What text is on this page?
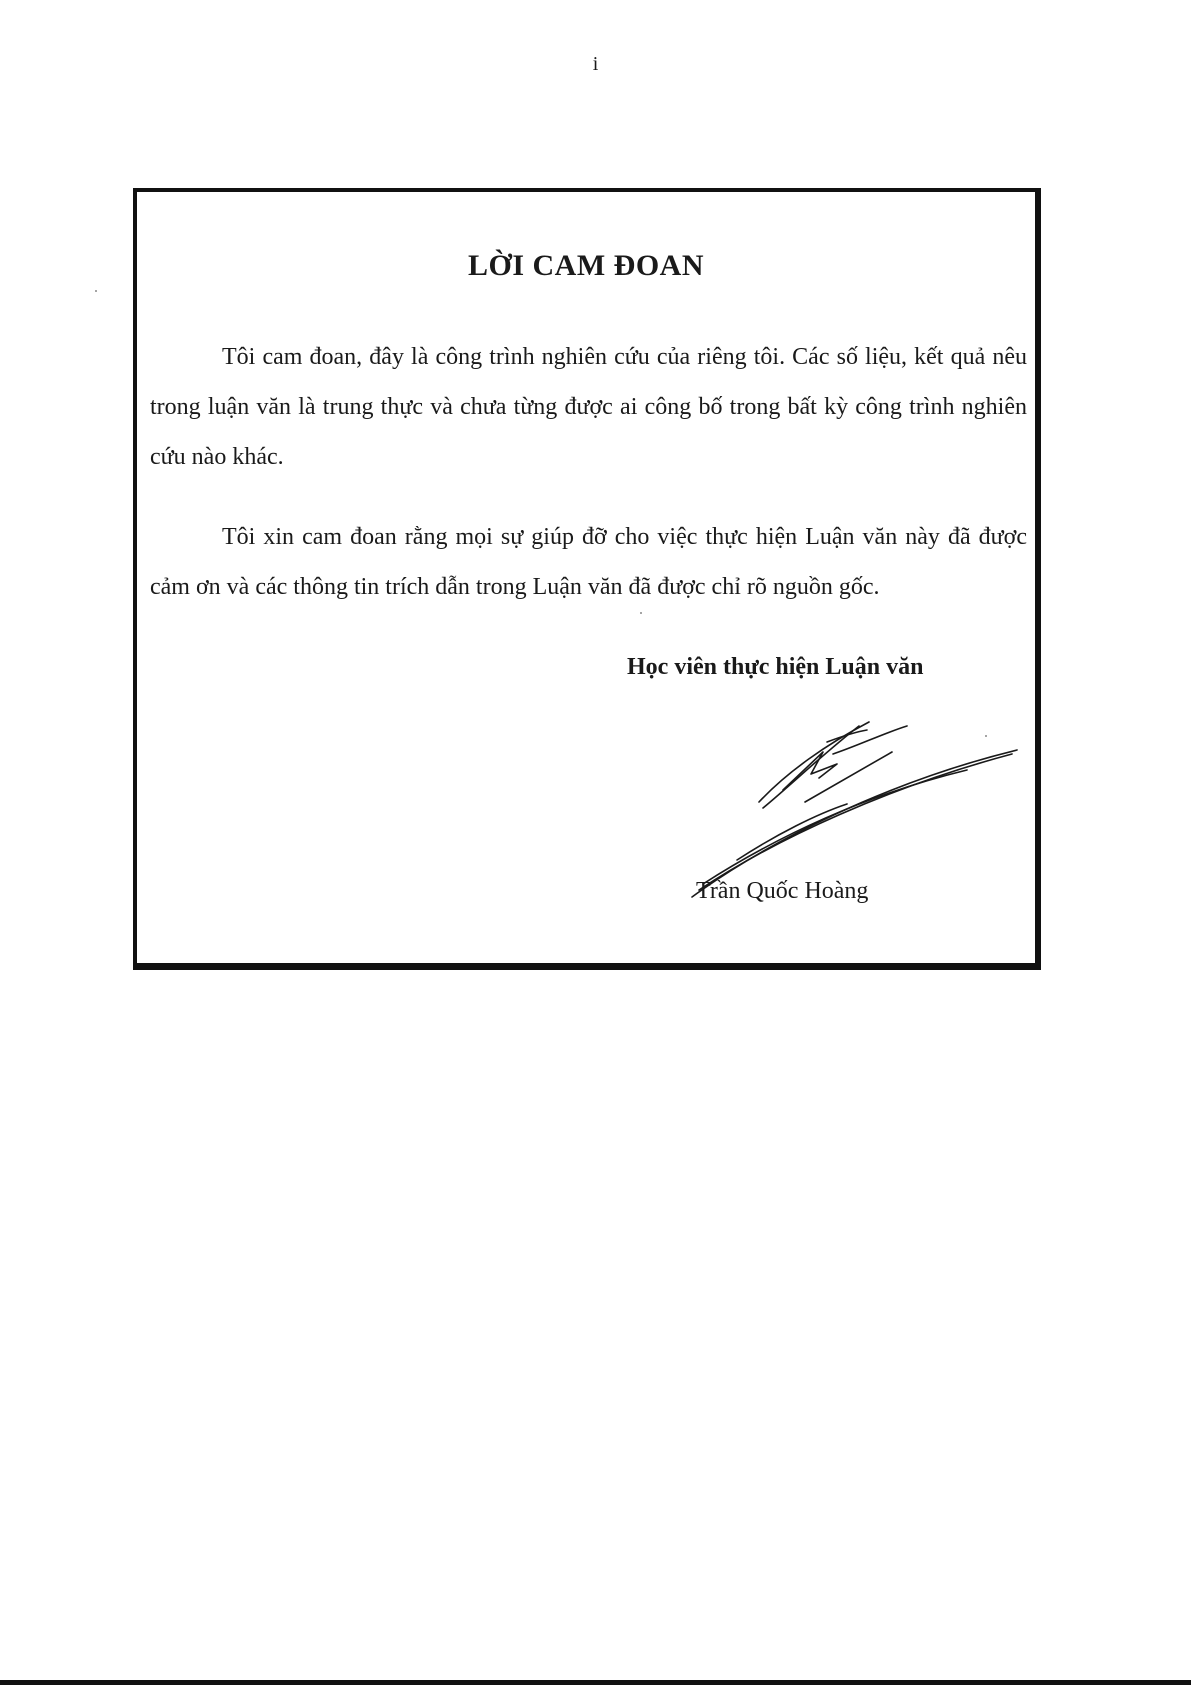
i
LỜI CAM ĐOAN

Tôi cam đoan, đây là công trình nghiên cứu của riêng tôi. Các số liệu, kết quả nêu trong luận văn là trung thực và chưa từng được ai công bố trong bất kỳ công trình nghiên cứu nào khác.

Tôi xin cam đoan rằng mọi sự giúp đỡ cho việc thực hiện Luận văn này đã được cảm ơn và các thông tin trích dẫn trong Luận văn đã được chỉ rõ nguồn gốc.

Học viên thực hiện Luận văn
Trần Quốc Hoàng
